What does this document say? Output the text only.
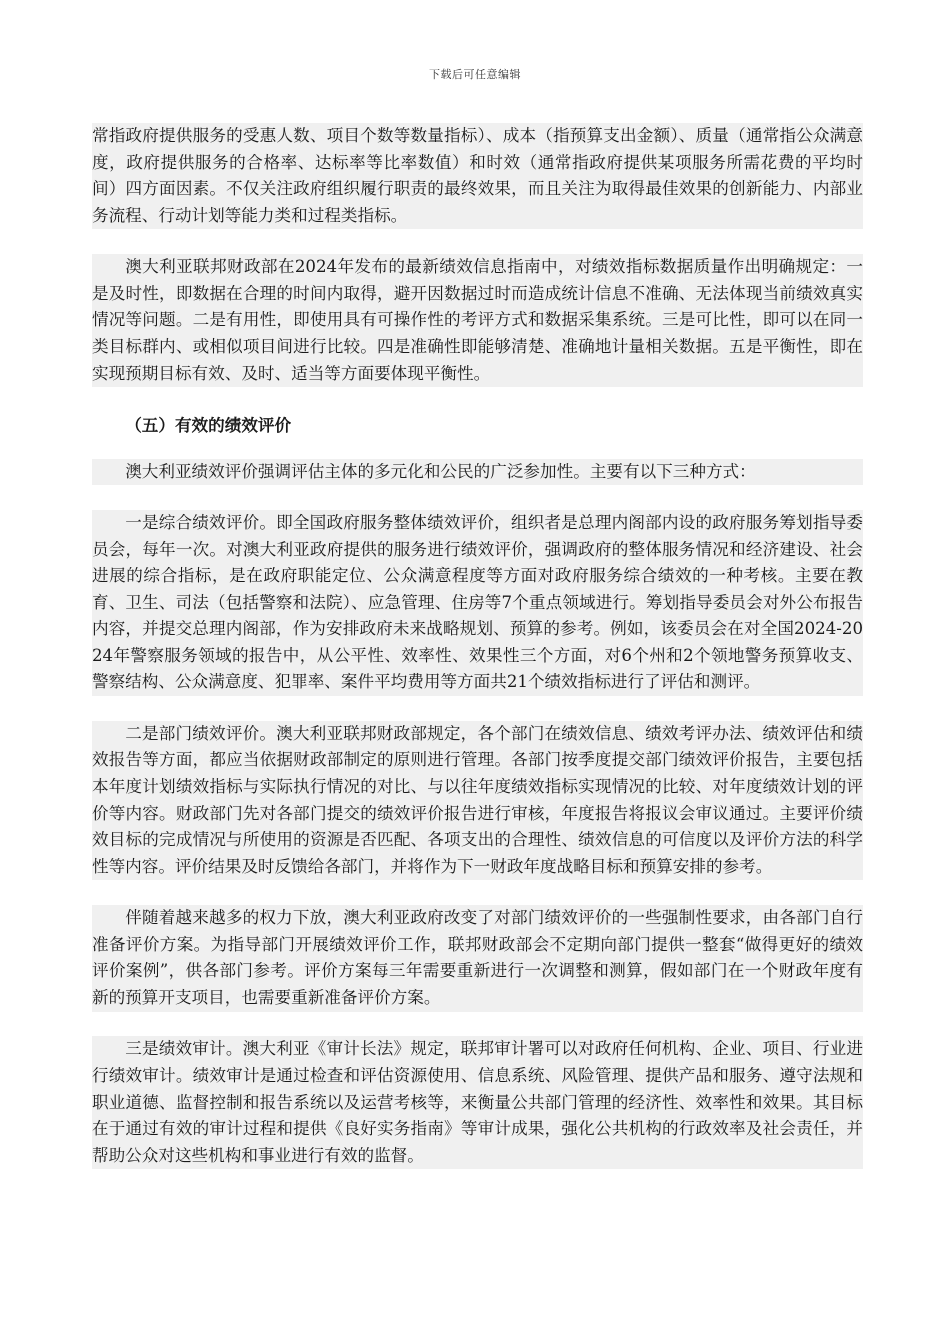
下载后可任意编辑

常指政府提供服务的受惠人数、项目个数等数量指标）、成本（指预算支出金额）、质量（通常指公众满意度，政府提供服务的合格率、达标率等比率数值）和时效（通常指政府提供某项服务所需花费的平均时间）四方面因素。不仅关注政府组织履行职责的最终效果，而且关注为取得最佳效果的创新能力、内部业务流程、行动计划等能力类和过程类指标。

澳大利亚联邦财政部在2024年发布的最新绩效信息指南中，对绩效指标数据质量作出明确规定：一是及时性，即数据在合理的时间内取得，避开因数据过时而造成统计信息不准确、无法体现当前绩效真实情况等问题。二是有用性，即使用具有可操作性的考评方式和数据采集系统。三是可比性，即可以在同一类目标群内、或相似项目间进行比较。四是准确性即能够清楚、准确地计量相关数据。五是平衡性，即在实现预期目标有效、及时、适当等方面要体现平衡性。

（五）有效的绩效评价

澳大利亚绩效评价强调评估主体的多元化和公民的广泛参加性。主要有以下三种方式：

一是综合绩效评价。即全国政府服务整体绩效评价，组织者是总理内阁部内设的政府服务筹划指导委员会，每年一次。对澳大利亚政府提供的服务进行绩效评价，强调政府的整体服务情况和经济建设、社会进展的综合指标，是在政府职能定位、公众满意程度等方面对政府服务综合绩效的一种考核。主要在教育、卫生、司法（包括警察和法院）、应急管理、住房等7个重点领域进行。筹划指导委员会对外公布报告内容，并提交总理内阁部，作为安排政府未来战略规划、预算的参考。例如，该委员会在对全国2024-2024年警察服务领域的报告中，从公平性、效率性、效果性三个方面，对6个州和2个领地警务预算收支、警察结构、公众满意度、犯罪率、案件平均费用等方面共21个绩效指标进行了评估和测评。

二是部门绩效评价。澳大利亚联邦财政部规定，各个部门在绩效信息、绩效考评办法、绩效评估和绩效报告等方面，都应当依据财政部制定的原则进行管理。各部门按季度提交部门绩效评价报告，主要包括本年度计划绩效指标与实际执行情况的对比、与以往年度绩效指标实现情况的比较、对年度绩效计划的评价等内容。财政部门先对各部门提交的绩效评价报告进行审核，年度报告将报议会审议通过。主要评价绩效目标的完成情况与所使用的资源是否匹配、各项支出的合理性、绩效信息的可信度以及评价方法的科学性等内容。评价结果及时反馈给各部门，并将作为下一财政年度战略目标和预算安排的参考。

伴随着越来越多的权力下放，澳大利亚政府改变了对部门绩效评价的一些强制性要求，由各部门自行准备评价方案。为指导部门开展绩效评价工作，联邦财政部会不定期向部门提供一整套“做得更好的绩效评价案例”，供各部门参考。评价方案每三年需要重新进行一次调整和测算，假如部门在一个财政年度有新的预算开支项目，也需要重新准备评价方案。

三是绩效审计。澳大利亚《审计长法》规定，联邦审计署可以对政府任何机构、企业、项目、行业进行绩效审计。绩效审计是通过检查和评估资源使用、信息系统、风险管理、提供产品和服务、遵守法规和职业道德、监督控制和报告系统以及运营考核等，来衡量公共部门管理的经济性、效率性和效果。其目标在于通过有效的审计过程和提供《良好实务指南》等审计成果，强化公共机构的行政效率及社会责任，并帮助公众对这些机构和事业进行有效的监督。
